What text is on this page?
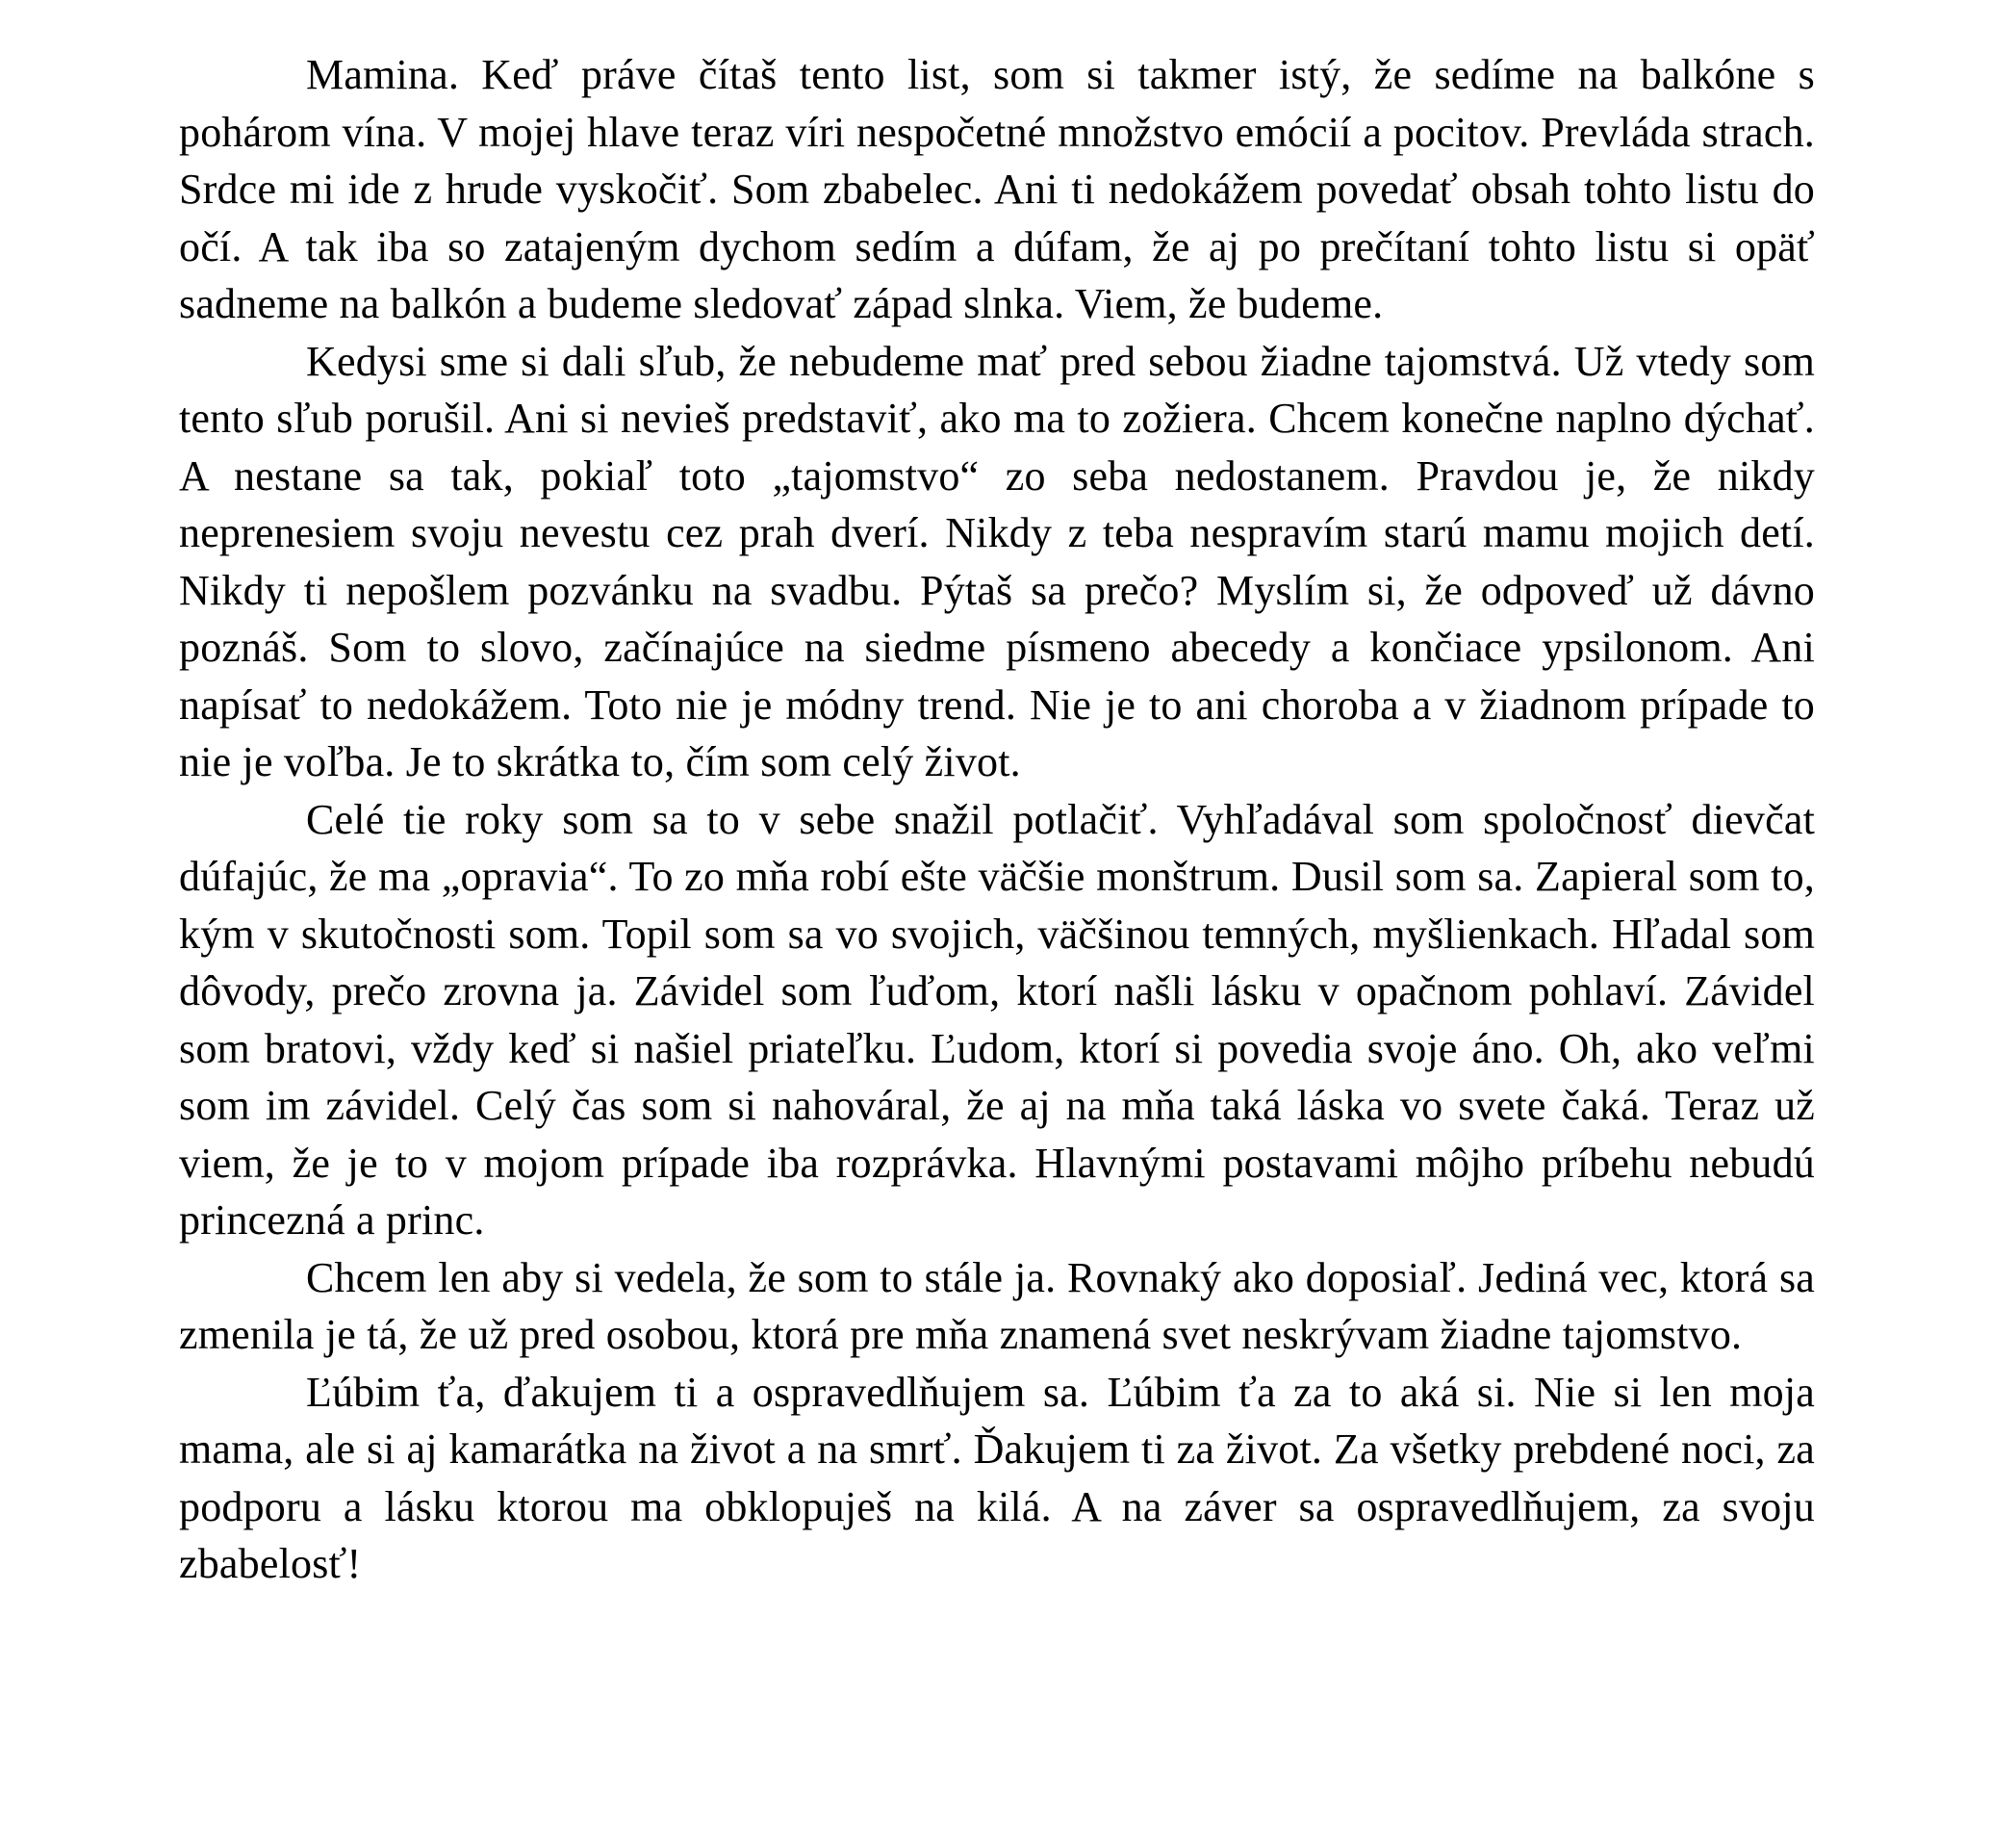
Mamina. Keď práve čítaš tento list, som si takmer istý, že sedíme na balkóne s pohárom vína. V mojej hlave teraz víri nespočetné množstvo emócií a pocitov. Prevláda strach. Srdce mi ide z hrude vyskočiť. Som zbabelec. Ani ti nedokážem povedať obsah tohto listu do očí. A tak iba so zatajeným dychom sedím a dúfam, že aj po prečítaní tohto listu si opäť sadneme na balkón a budeme sledovať západ slnka. Viem, že budeme.

Kedysi sme si dali sľub, že nebudeme mať pred sebou žiadne tajomstvá. Už vtedy som tento sľub porušil. Ani si nevieš predstaviť, ako ma to zožiera. Chcem konečne naplno dýchať. A nestane sa tak, pokiaľ toto „tajomstvo“ zo seba nedostanem. Pravdou je, že nikdy neprenesiem svoju nevestu cez prah dverí. Nikdy z teba nespravím starú mamu mojich detí. Nikdy ti nepošlem pozvánku na svadbu. Pýtaš sa prečo? Myslím si, že odpoveď už dávno poznáš. Som to slovo, začínajúce na siedme písmeno abecedy a končiace ypsilonom. Ani napísať to nedokážem. Toto nie je módny trend. Nie je to ani choroba a v žiadnom prípade to nie je voľba. Je to skrátka to, čím som celý život.

Celé tie roky som sa to v sebe snažil potlačiť. Vyhľadával som spoločnosť dievčat dúfajúc, že ma „opravia“. To zo mňa robí ešte väčšie monštrum. Dusil som sa. Zapieral som to, kým v skutočnosti som. Topil som sa vo svojich, väčšinou temných, myšlienkach. Hľadal som dôvody, prečo zrovna ja. Závidel som ľuďom, ktorí našli lásku v opačnom pohlaví. Závidel som bratovi, vždy keď si našiel priateľku. Ľudom, ktorí si povedia svoje áno. Oh, ako veľmi som im závidel. Celý čas som si nahováral, že aj na mňa taká láska vo svete čaká. Teraz už viem, že je to v mojom prípade iba rozprávka. Hlavnými postavami môjho príbehu nebudú princezná a princ.

Chcem len aby si vedela, že som to stále ja. Rovnaký ako doposiaľ. Jediná vec, ktorá sa zmenila je tá, že už pred osobou, ktorá pre mňa znamená svet neskrývam žiadne tajomstvo.

Ľúbim ťa, ďakujem ti a ospravedlňujem sa. Ľúbim ťa za to aká si. Nie si len moja mama, ale si aj kamarátka na život a na smrť. Ďakujem ti za život. Za všetky prebdené noci, za podporu a lásku ktorou ma obklopuješ na kilá. A na záver sa ospravedlňujem, za svoju zbabelosť!
